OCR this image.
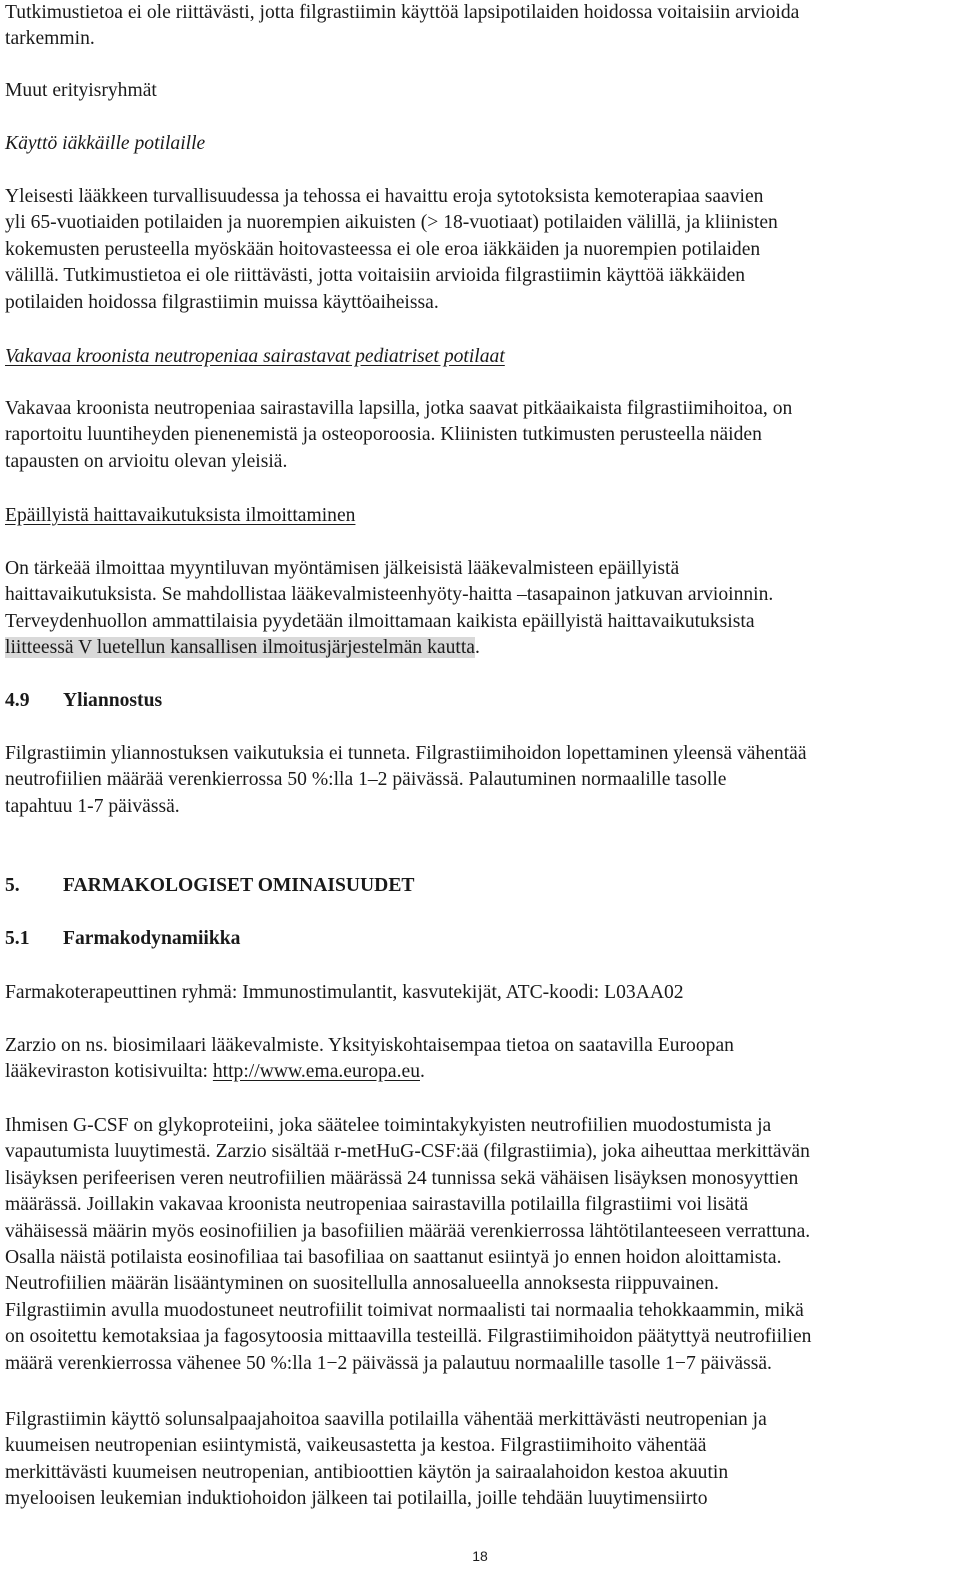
Tutkimustietoa ei ole riittävästi, jotta filgrastiimin käyttöä lapsipotilaiden hoidossa voitaisiin arvioida
tarkemmin.
Muut erityisryhmät
Käyttö iäkkäille potilaille
Yleisesti lääkkeen turvallisuudessa ja tehossa ei havaittu eroja sytotoksista kemoterapiaa saavien
yli 65-vuotiaiden potilaiden ja nuorempien aikuisten (> 18-vuotiaat) potilaiden välillä, ja kliinisten
kokemusten perusteella myöskään hoitovasteessa ei ole eroa iäkkäiden ja nuorempien potilaiden
välillä. Tutkimustietoa ei ole riittävästi, jotta voitaisiin arvioida filgrastiimin käyttöä iäkkäiden
potilaiden hoidossa filgrastiimin muissa käyttöaiheissa.
Vakavaa kroonista neutropeniaa sairastavat pediatriset potilaat
Vakavaa kroonista neutropeniaa sairastavilla lapsilla, jotka saavat pitkäaikaista filgrastiimihoitoa, on
raportoitu luuntiheyden pienenemistä ja osteoporoosia. Kliinisten tutkimusten perusteella näiden
tapausten on arvioitu olevan yleisiä.
Epäillyistä haittavaikutuksista ilmoittaminen
On tärkeää ilmoittaa myyntiluvan myöntämisen jälkeisistä lääkevalmisteen epäillyistä
haittavaikutuksista. Se mahdollistaa lääkevalmisteenhyöty-haitta –tasapainon jatkuvan arvioinnin.
Terveydenhuollon ammattilaisia pyydetään ilmoittamaan kaikista epäillyistä haittavaikutuksista
liitteessä V luetellun kansallisen ilmoitusjärjestelmän kautta.
4.9 Yliannostus
Filgrastiimin yliannostuksen vaikutuksia ei tunneta. Filgrastiimihoidon lopettaminen yleensä vähentää
neutrofiilien määrää verenkierrossa 50 %:lla 1–2 päivässä. Palautuminen normaalille tasolle
tapahtuu 1-7 päivässä.
5. FARMAKOLOGISET OMINAISUUDET
5.1 Farmakodynamiikka
Farmakoterapeuttinen ryhmä: Immunostimulantit, kasvutekijät, ATC-koodi: L03AA02
Zarzio on ns. biosimilaari lääkevalmiste. Yksityiskohtaisempaa tietoa on saatavilla Euroopan
lääkeviraston kotisivuilta: http://www.ema.europa.eu.
Ihmisen G-CSF on glykoproteiini, joka säätelee toimintakykyisten neutrofiilien muodostumista ja
vapautumista luuytimestä. Zarzio sisältää r-metHuG-CSF:ää (filgrastiimia), joka aiheuttaa merkittävän
lisäyksen perifeerisen veren neutrofiilien määrässä 24 tunnissa sekä vähäisen lisäyksen monosyyttien
määrässä. Joillakin vakavaa kroonista neutropeniaa sairastavilla potilailla filgrastiimi voi lisätä
vähäisessä määrin myös eosinofiilien ja basofiilien määrää verenkierrossa lähtötilanteeseen verrattuna.
Osalla näistä potilaista eosinofiliaa tai basofiliaa on saattanut esiintyä jo ennen hoidon aloittamista.
Neutrofiilien määrän lisääntyminen on suositellulla annosalueella annoksesta riippuvainen.
Filgrastiimin avulla muodostuneet neutrofiilit toimivat normaalisti tai normaalia tehokkaammin, mikä
on osoitettu kemotaksiaa ja fagosytoosia mittaavilla testeillä. Filgrastiimihoidon päätyttyä neutrofiilien
määrä verenkierrossa vähenee 50 %:lla 1−2 päivässä ja palautuu normaalille tasolle 1−7 päivässä.
Filgrastiimin käyttö solunsalpaajahoitoa saavilla potilailla vähentää merkittävästi neutropenian ja
kuumeisen neutropenian esiintymistä, vaikeusastetta ja kestoa. Filgrastiimihoito vähentää
merkittävästi kuumeisen neutropenian, antibioottien käytön ja sairaalahoidon kestoa akuutin
myelooisen leukemian induktiohoidon jälkeen tai potilailla, joille tehdään luuytimensiirto
18
